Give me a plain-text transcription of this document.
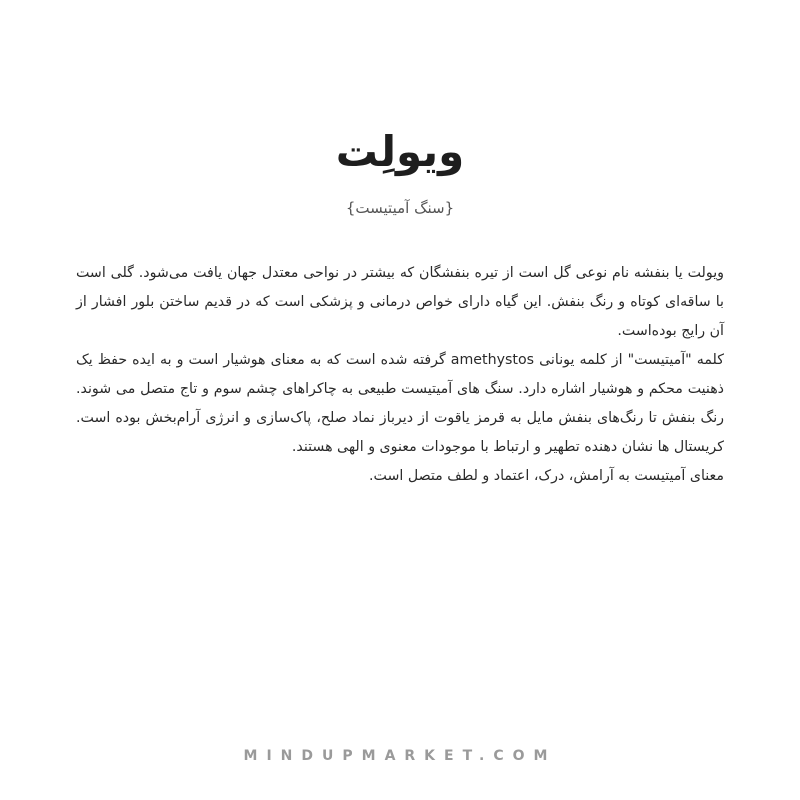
ویولِت
{سنگ آمیتیست}

ویولت یا بنفشه نام نوعی گل است از تیره بنفشگان که بیشتر در نواحی معتدل جهان یافت می‌شود. گلی است با ساقه‌ای کوتاه و رنگ بنفش. این گیاه دارای خواص درمانی و پزشکی است که در قدیم ساختن بلور افشار از آن رایج بوده‌است.

کلمه "آمیتیست" از کلمه یونانی amethystos گرفته شده است که به معنای هوشیار است و به ایده حفظ یک ذهنیت محکم و هوشیار اشاره دارد. سنگ های آمیتیست طبیعی به چاکراهای چشم سوم و تاج متصل می شوند. رنگ بنفش تا رنگ‌های بنفش مایل به قرمز یاقوت از دیرباز نماد صلح، پاک‌سازی و انرژی آرام‌بخش بوده است. کریستال ها نشان دهنده تطهیر و ارتباط با موجودات معنوی و الهی هستند.

معنای آمیتیست به آرامش، درک، اعتماد و لطف متصل است.

MINDUPMARKET.COM
